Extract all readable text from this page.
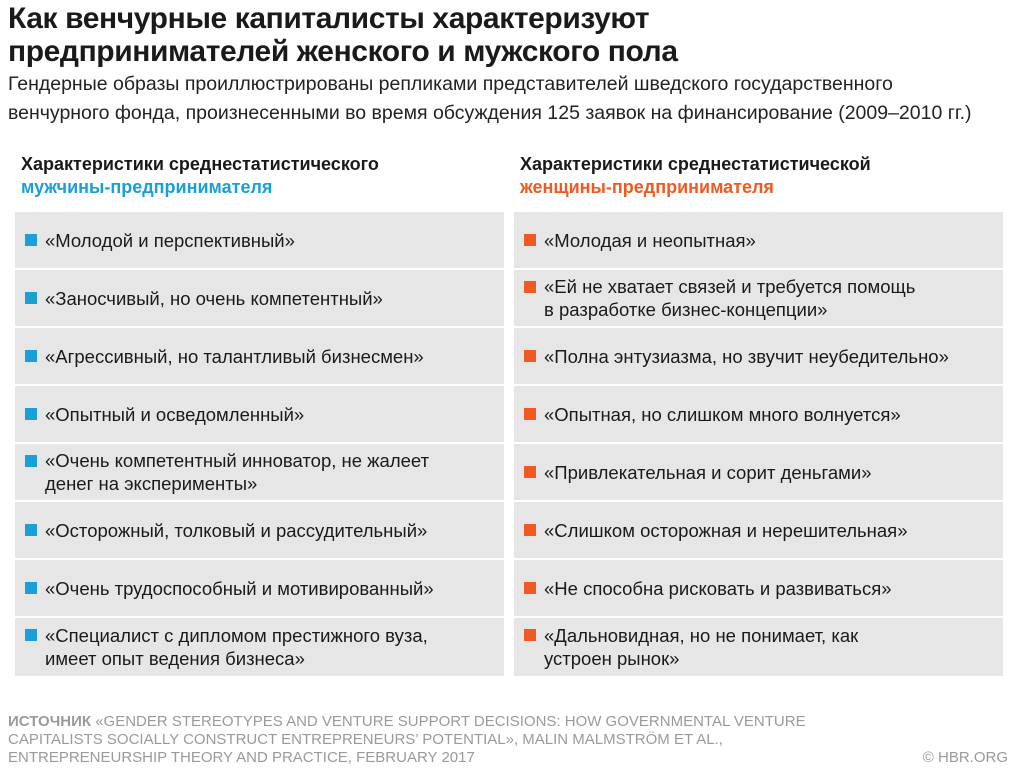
Как венчурные капиталисты характеризуют
предпринимателей женского и мужского пола
Гендерные образы проиллюстрированы репликами представителей шведского государственного
венчурного фонда, произнесенными во время обсуждения 125 заявок на финансирование (2009–2010 гг.)
Характеристики среднестатистического
мужчины-предпринимателя
«Молодой и перспективный»
«Заносчивый, но очень компетентный»
«Агрессивный, но талантливый бизнесмен»
«Опытный и осведомленный»
«Очень компетентный инноватор, не жалеет
денег на эксперименты»
«Осторожный, толковый и рассудительный»
«Очень трудоспособный и мотивированный»
«Специалист с дипломом престижного вуза,
имеет опыт ведения бизнеса»
Характеристики среднестатистической
женщины-предпринимателя
«Молодая и неопытная»
«Ей не хватает связей и требуется помощь
в разработке бизнес-концепции»
«Полна энтузиазма, но звучит неубедительно»
«Опытная, но слишком много волнуется»
«Привлекательная и сорит деньгами»
«Слишком осторожная и нерешительная»
«Не способна рисковать и развиваться»
«Дальновидная, но не понимает, как
устроен рынок»
ИСТОЧНИК «GENDER STEREOTYPES AND VENTURE SUPPORT DECISIONS: HOW GOVERNMENTAL VENTURE
CAPITALISTS SOCIALLY CONSTRUCT ENTREPRENEURS’ POTENTIAL», MALIN MALMSTRÖM ET AL.,
ENTREPRENEURSHIP THEORY AND PRACTICE, FEBRUARY 2017	© HBR.ORG
